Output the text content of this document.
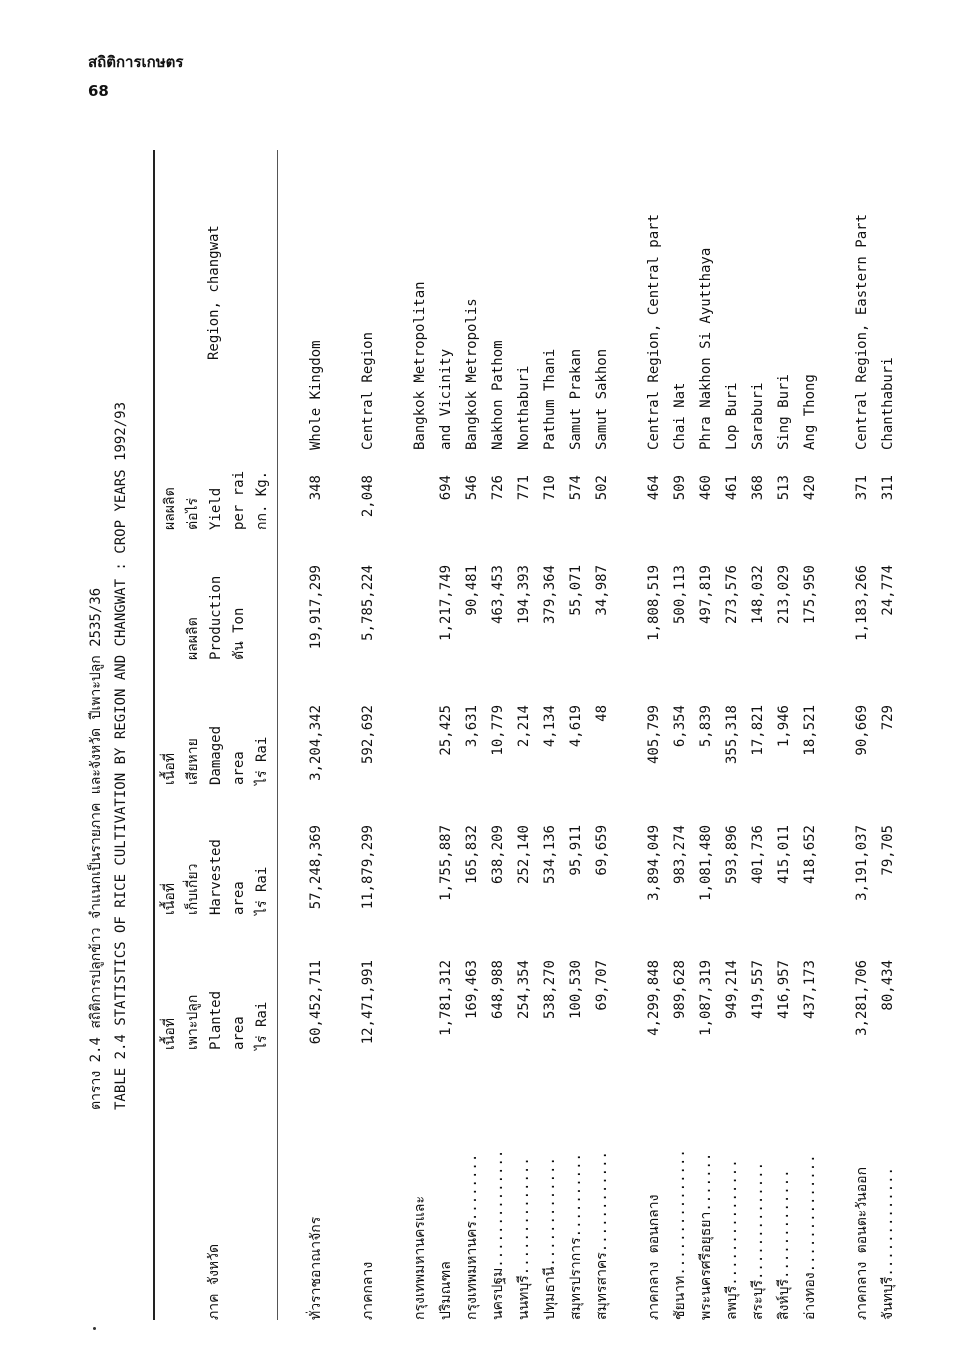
สถิติการเกษตร
68
ตาราง 2.4 สถิติการปลูกข้าว จำแนกเป็นรายภาค และจังหวัด ปีเพาะปลูก 2535/36 TABLE 2.4 STATISTICS OF RICE CULTIVATION BY REGION AND CHANGWAT : CROP YEARS 1992/93
ภาค จังหวัด
เนื้อที่ เพาะปลูก Planted area ไร่ Rai
เนื้อที่ เก็บเกี่ยว Harvested area ไร่ Rai
เนื้อที่ เสียหาย Damaged area ไร่ Rai
ผลผลิต Production ตัน Ton
ผลผลิต ต่อไร่ Yield per rai กก. Kg.
Region, changwat
ทั่วราชอาณาจักร
60,452,711
57,248,369
3,204,342
19,917,299
348
Whole Kingdom
ภาคกลาง
12,471,991
11,879,299
592,692
5,785,224
2,048
Central Region
กรุงเทพมหานครและ
Bangkok Metropolitan
ปริมณฑล
1,781,312
1,755,887
25,425
1,217,749
694
and Vicinity
กรุงเทพมหานคร........
169,463
165,832
3,631
90,481
546
Bangkok Metropolis
นครปฐม..............
648,988
638,209
10,779
463,453
726
Nakhon Pathom
นนทบุรี..............
254,354
252,140
2,214
194,393
771
Nonthaburi
ปทุมธานี.............
538,270
534,136
4,134
379,364
710
Pathum Thani
สมุทรปราการ..........
100,530
95,911
4,619
55,071
574
Samut Prakan
สมุทรสาคร............
69,707
69,659
48
34,987
502
Samut Sakhon
ภาคกลาง ตอนกลาง
4,299,848
3,894,049
405,799
1,808,519
464
Central Region, Central part
ชัยนาท...............
989,628
983,274
6,354
500,113
509
Chai Nat
พระนครศรีอยุธยา.......
1,087,319
1,081,480
5,839
497,819
460
Phra Nakhon Si Ayutthaya
ลพบุรี...............
949,214
593,896
355,318
273,576
461
Lop Buri
สระบุรี..............
419,557
401,736
17,821
148,032
368
Saraburi
สิงห์บุรี.............
416,957
415,011
1,946
213,029
513
Sing Buri
อ่างทอง..............
437,173
418,652
18,521
175,950
420
Ang Thong
ภาคกลาง ตอนตะวันออก
3,281,706
3,191,037
90,669
1,183,266
371
Central Region, Eastern Part
จันทบุรี.............
80,434
79,705
729
24,774
311
Chanthaburi
